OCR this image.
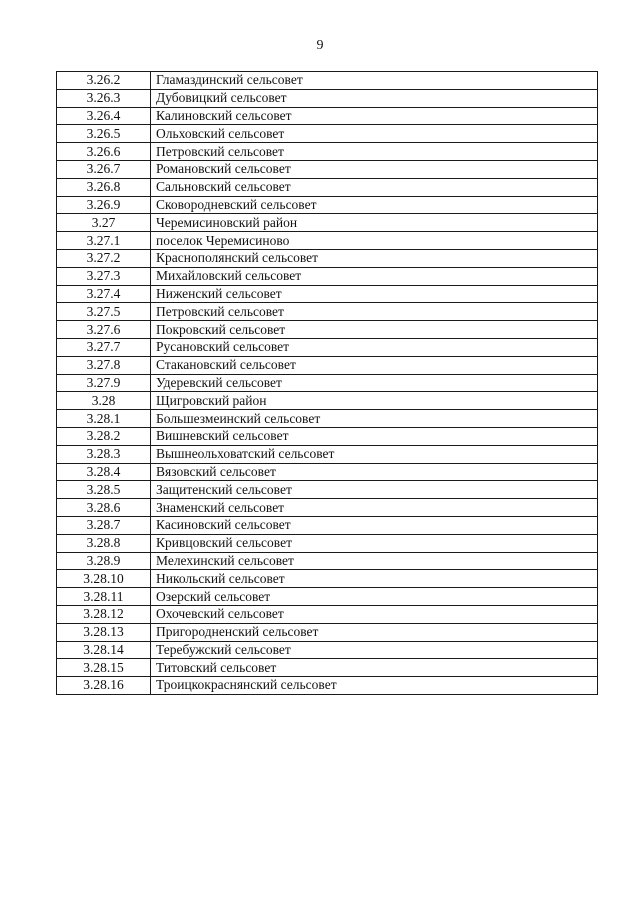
9
3.26.2	Гламаздинский сельсовет
3.26.3	Дубовицкий сельсовет
3.26.4	Калиновский сельсовет
3.26.5	Ольховский сельсовет
3.26.6	Петровский сельсовет
3.26.7	Романовский сельсовет
3.26.8	Сальновский сельсовет
3.26.9	Сковородневский сельсовет
3.27	Черемисиновский район
3.27.1	поселок Черемисиново
3.27.2	Краснополянский сельсовет
3.27.3	Михайловский сельсовет
3.27.4	Ниженский сельсовет
3.27.5	Петровский сельсовет
3.27.6	Покровский сельсовет
3.27.7	Русановский сельсовет
3.27.8	Стакановский сельсовет
3.27.9	Удеревский сельсовет
3.28	Щигровский район
3.28.1	Большезмеинский сельсовет
3.28.2	Вишневский сельсовет
3.28.3	Вышнеольховатский сельсовет
3.28.4	Вязовский сельсовет
3.28.5	Защитенский сельсовет
3.28.6	Знаменский сельсовет
3.28.7	Касиновский сельсовет
3.28.8	Кривцовский сельсовет
3.28.9	Мелехинский сельсовет
3.28.10	Никольский сельсовет
3.28.11	Озерский сельсовет
3.28.12	Охочевский сельсовет
3.28.13	Пригородненский сельсовет
3.28.14	Теребужский сельсовет
3.28.15	Титовский сельсовет
3.28.16	Троицкокраснянский сельсовет
